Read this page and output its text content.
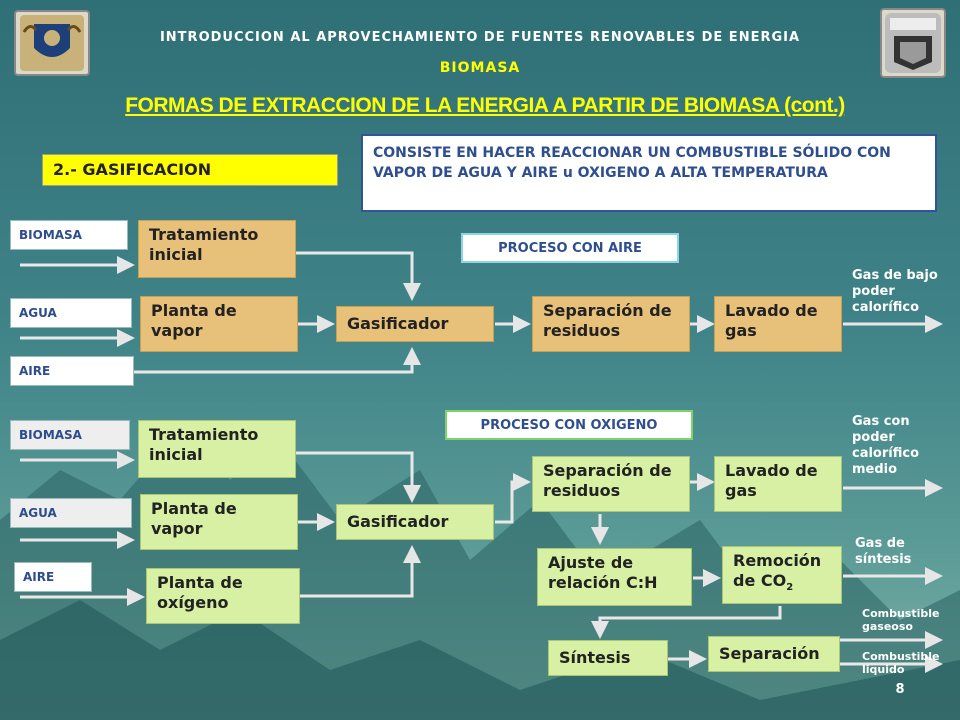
INTRODUCCION AL APROVECHAMIENTO DE FUENTES RENOVABLES DE ENERGIA
BIOMASA
FORMAS DE EXTRACCION DE LA ENERGIA A PARTIR DE BIOMASA (cont.)
2.- GASIFICACION
CONSISTE EN HACER REACCIONAR UN COMBUSTIBLE SÓLIDO CON VAPOR DE AGUA Y AIRE u OXIGENO A ALTA TEMPERATURA
BIOMASA
AGUA
AIRE
Tratamiento inicial
Planta de vapor	Gasificador
Separación de residuos
Lavado de gas
PROCESO CON AIRE
Gas de bajo poder calorífico
BIOMASA
AGUA
AIRE
Tratamiento inicial
Planta de vapor
Planta de oxígeno
Gasificador
Separación de residuos
Lavado de gas
Ajuste de relación C:H
Remoción de $CO_2$
Síntesis	Separación
PROCESO CON OXIGENO	Gas con poder calorífico medio
Gas de síntesis
Combustible gaseoso
Combustible liquido
8
